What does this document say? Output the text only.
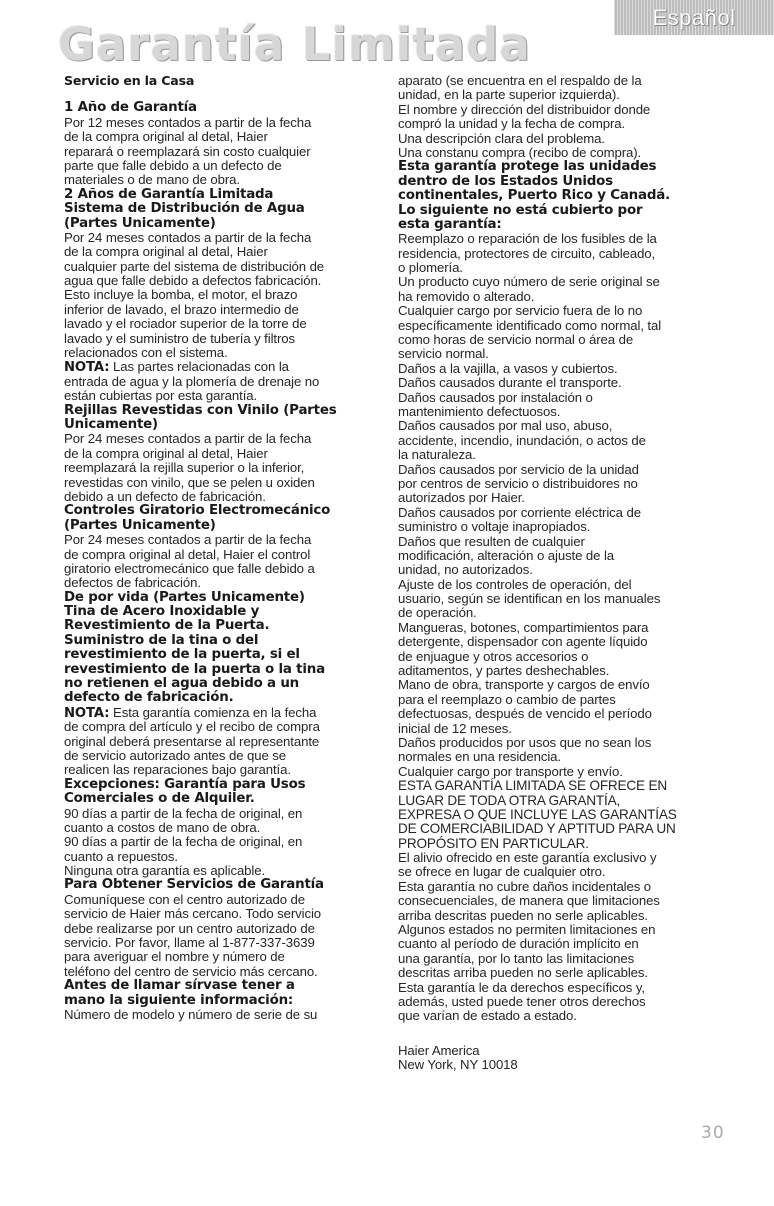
Español
Garantía Limitada
Servicio en la Casa
1 Año de Garantía
Por 12 meses contados a partir de la fecha
de la compra original al detal, Haier
reparará o reemplazará sin costo cualquier
parte que falle debido a un defecto de
materiales o de mano de obra.
2 Años de Garantía Limitada
Sistema de Distribución de Agua
(Partes Unicamente)
Por 24 meses contados a partir de la fecha
de la compra original al detal, Haier
cualquier parte del sistema de distribución de
agua que falle debido a defectos fabricación.
Esto incluye la bomba, el motor, el brazo
inferior de lavado, el brazo intermedio de
lavado y el rociador superior de la torre de
lavado y el suministro de tubería y filtros
relacionados con el sistema.
NOTA: Las partes relacionadas con la
entrada de agua y la plomería de drenaje no
están cubiertas por esta garantía.
Rejillas Revestidas con Vinilo (Partes
Unicamente)
Por 24 meses contados a partir de la fecha
de la compra original al detal, Haier
reemplazará la rejilla superior o la inferior,
revestidas con vinilo, que se pelen u oxiden
debido a un defecto de fabricación.
Controles Giratorio Electromecánico
(Partes Unicamente)
Por 24 meses contados a partir de la fecha
de compra original al detal, Haier el control
giratorio electromecánico que falle debido a
defectos de fabricación.
De por vida (Partes Unicamente)
Tina de Acero Inoxidable y
Revestimiento de la Puerta.
Suministro de la tina o del
revestimiento de la puerta, si el
revestimiento de la puerta o la tina
no retienen el agua debido a un
defecto de fabricación.
NOTA: Esta garantía comienza en la fecha
de compra del artículo y el recibo de compra
original deberá presentarse al representante
de servicio autorizado antes de que se
realicen las reparaciones bajo garantía.
Excepciones: Garantía para Usos
Comerciales o de Alquiler.
90 días a partir de la fecha de original, en
cuanto a costos de mano de obra.
90 días a partir de la fecha de original, en
cuanto a repuestos.
Ninguna otra garantía es aplicable.
Para Obtener Servicios de Garantía
Comuníquese con el centro autorizado de
servicio de Haier más cercano. Todo servicio
debe realizarse por un centro autorizado de
servicio. Por favor, llame al 1-877-337-3639
para averiguar el nombre y número de
teléfono del centro de servicio más cercano.
Antes de llamar sírvase tener a
mano la siguiente información:
Número de modelo y número de serie de su
aparato (se encuentra en el respaldo de la
unidad, en la parte superior izquierda).
El nombre y dirección del distribuidor donde
compró la unidad y la fecha de compra.
Una descripción clara del problema.
Una constanu compra (recibo de compra).
Esta garantía protege las unidades
dentro de los Estados Unidos
continentales, Puerto Rico y Canadá.
Lo siguiente no está cubierto por
esta garantía:
Reemplazo o reparación de los fusibles de la
residencia, protectores de circuito, cableado,
o plomería.
Un producto cuyo número de serie original se
ha removido o alterado.
Cualquier cargo por servicio fuera de lo no
específicamente identificado como normal, tal
como horas de servicio normal o área de
servicio normal.
Daños a la vajilla, a vasos y cubiertos.
Daños causados durante el transporte.
Daños causados por instalación o
mantenimiento defectuosos.
Daños causados por mal uso, abuso,
accidente, incendio, inundación, o actos de
la naturaleza.
Daños causados por servicio de la unidad
por centros de servicio o distribuidores no
autorizados por Haier.
Daños causados por corriente eléctrica de
suministro o voltaje inapropiados.
Daños que resulten de cualquier
modificación, alteración o ajuste de la
unidad, no autorizados.
Ajuste de los controles de operación, del
usuario, según se identifican en los manuales
de operación.
Mangueras, botones, compartimientos para
detergente, dispensador con agente líquido
de enjuague y otros accesorios o
aditamentos, y partes deshechables.
Mano de obra, transporte y cargos de envío
para el reemplazo o cambio de partes
defectuosas, después de vencido el período
inicial de 12 meses.
Daños producidos por usos que no sean los
normales en una residencia.
Cualquier cargo por transporte y envío.
ESTA GARANTÍA LIMITADA SE OFRECE EN
LUGAR DE TODA OTRA GARANTÍA,
EXPRESA O QUE INCLUYE LAS GARANTÍAS
DE COMERCIABILIDAD Y APTITUD PARA UN
PROPÓSITO EN PARTICULAR.
El alivio ofrecido en este garantía exclusivo y
se ofrece en lugar de cualquier otro.
Esta garantía no cubre daños incidentales o
consecuenciales, de manera que limitaciones
arriba descritas pueden no serle aplicables.
Algunos estados no permiten limitaciones en
cuanto al período de duración implícito en
una garantía, por lo tanto las limitaciones
descritas arriba pueden no serle aplicables.
Esta garantía le da derechos específicos y,
además, usted puede tener otros derechos
que varían de estado a estado.
Haier America
New York, NY 10018
30
